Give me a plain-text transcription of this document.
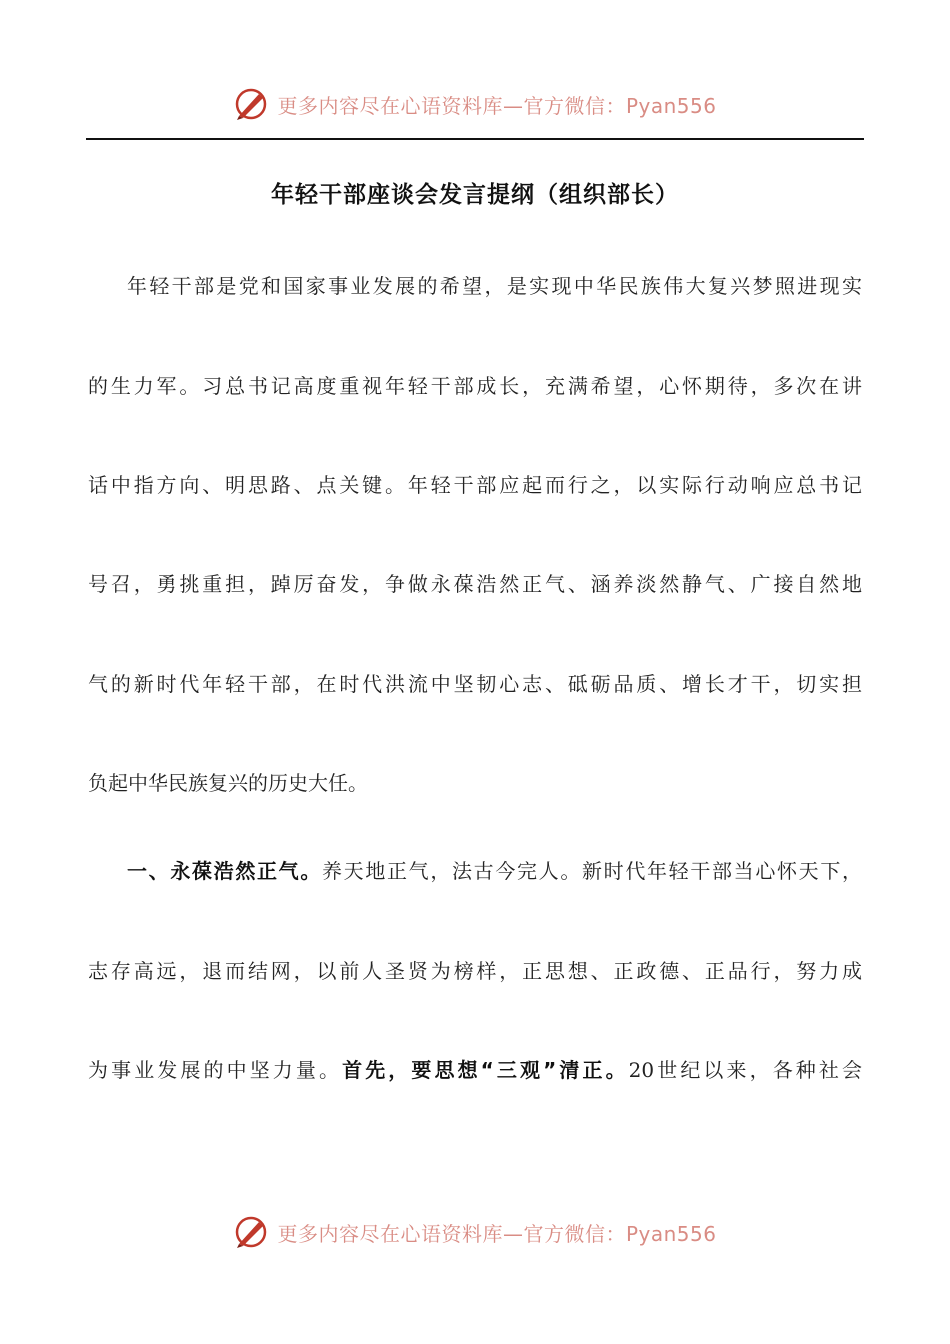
更多内容尽在心语资料库—官方微信：Pyan556
年轻干部座谈会发言提纲（组织部长）
年轻干部是党和国家事业发展的希望，是实现中华民族伟大复兴梦照进现实
的生力军。习总书记高度重视年轻干部成长，充满希望，心怀期待，多次在讲
话中指方向、明思路、点关键。年轻干部应起而行之，以实际行动响应总书记
号召，勇挑重担，踔厉奋发，争做永葆浩然正气、涵养淡然静气、广接自然地
气的新时代年轻干部，在时代洪流中坚韧心志、砥砺品质、增长才干，切实担
负起中华民族复兴的历史大任。
一、永葆浩然正气。养天地正气，法古今完人。新时代年轻干部当心怀天下，
志存高远，退而结网，以前人圣贤为榜样，正思想、正政德、正品行，努力成
为事业发展的中坚力量。首先，要思想“三观”清正。20世纪以来，各种社会
更多内容尽在心语资料库—官方微信：Pyan556
